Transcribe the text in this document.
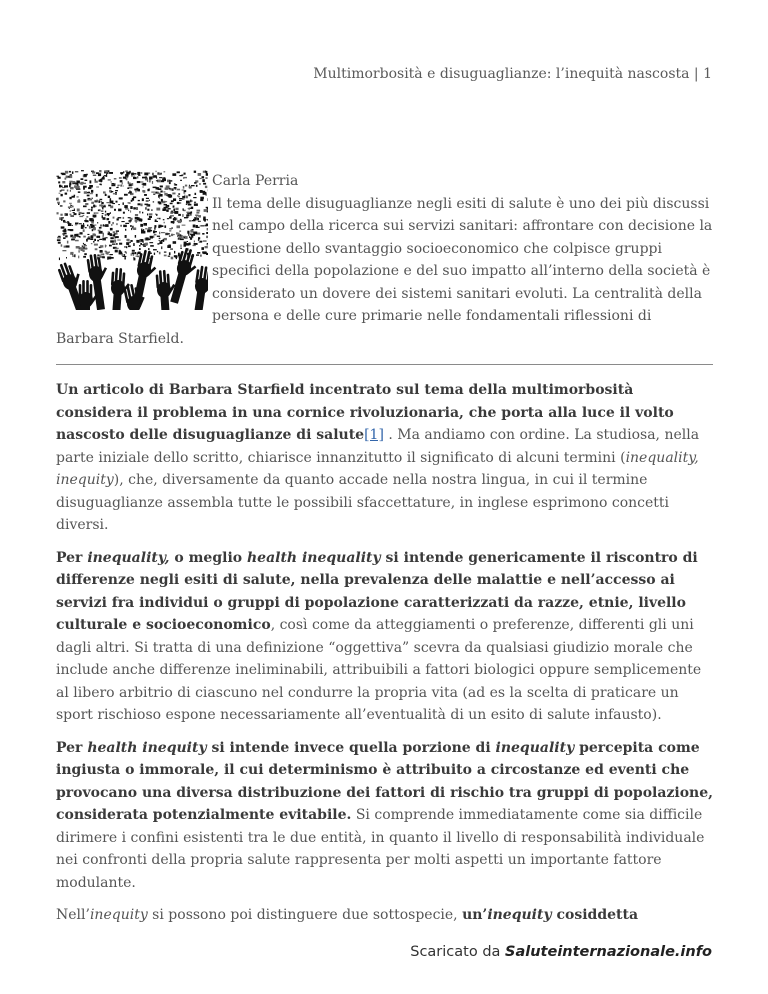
Multimorbosità e disuguaglianze: l’inequità nascosta | 1

Carla Perria

Il tema delle disuguaglianze negli esiti di salute è uno dei più discussi nel campo della ricerca sui servizi sanitari: affrontare con decisione la questione dello svantaggio socioeconomico che colpisce gruppi specifici della popolazione e del suo impatto all’interno della società è considerato un dovere dei sistemi sanitari evoluti. La centralità della persona e delle cure primarie nelle fondamentali riflessioni di Barbara Starfield.

Un articolo di Barbara Starfield incentrato sul tema della multimorbosità considera il problema in una cornice rivoluzionaria, che porta alla luce il volto nascosto delle disuguaglianze di salute[1] . Ma andiamo con ordine. La studiosa, nella parte iniziale dello scritto, chiarisce innanzitutto il significato di alcuni termini (inequality, inequity), che, diversamente da quanto accade nella nostra lingua, in cui il termine disuguaglianze assembla tutte le possibili sfaccettature, in inglese esprimono concetti diversi.

Per inequality, o meglio health inequality si intende genericamente il riscontro di differenze negli esiti di salute, nella prevalenza delle malattie e nell’accesso ai servizi fra individui o gruppi di popolazione caratterizzati da razze, etnie, livello culturale e socioeconomico, così come da atteggiamenti o preferenze, differenti gli uni dagli altri. Si tratta di una definizione “oggettiva” scevra da qualsiasi giudizio morale che include anche differenze ineliminabili, attribuibili a fattori biologici oppure semplicemente al libero arbitrio di ciascuno nel condurre la propria vita (ad es la scelta di praticare un sport rischioso espone necessariamente all’eventualità di un esito di salute infausto).

Per health inequity si intende invece quella porzione di inequality percepita come ingiusta o immorale, il cui determinismo è attribuito a circostanze ed eventi che provocano una diversa distribuzione dei fattori di rischio tra gruppi di popolazione, considerata potenzialmente evitabile. Si comprende immediatamente come sia difficile dirimere i confini esistenti tra le due entità, in quanto il livello di responsabilità individuale nei confronti della propria salute rappresenta per molti aspetti un importante fattore modulante.

Nell’inequity si possono poi distinguere due sottospecie, un’inequity cosiddetta

Scaricato da Saluteinternazionale.info
